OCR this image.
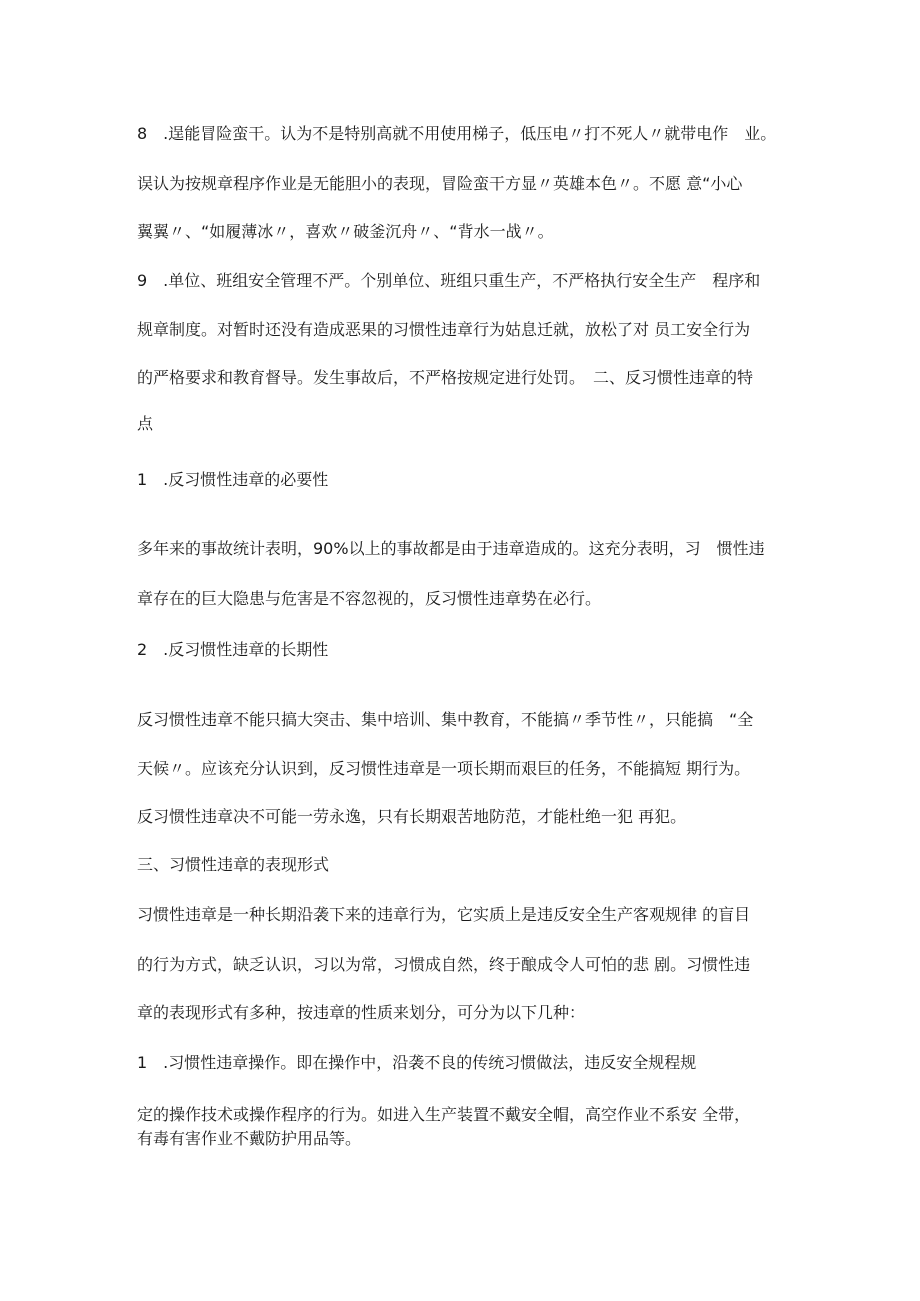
8　.逞能冒险蛮干。认为不是特别高就不用使用梯子，低压电〃打不死人〃就带电作　业。
误认为按规章程序作业是无能胆小的表现，冒险蛮干方显〃英雄本色〃。不愿 意“小心
翼翼〃、“如履薄冰〃，喜欢〃破釜沉舟〃、“背水一战〃。
9　.单位、班组安全管理不严。个别单位、班组只重生产，不严格执行安全生产　程序和
规章制度。对暂时还没有造成恶果的习惯性违章行为姑息迁就，放松了对 员工安全行为
的严格要求和教育督导。发生事故后，不严格按规定进行处罚。　二、反习惯性违章的特
点
1　.反习惯性违章的必要性
多年来的事故统计表明，90%以上的事故都是由于违章造成的。这充分表明，习　惯性违
章存在的巨大隐患与危害是不容忽视的，反习惯性违章势在必行。
2　.反习惯性违章的长期性
反习惯性违章不能只搞大突击、集中培训、集中教育，不能搞〃季节性〃，只能搞　“全
天候〃。应该充分认识到，反习惯性违章是一项长期而艰巨的任务，不能搞短 期行为。
反习惯性违章决不可能一劳永逸，只有长期艰苦地防范，才能杜绝一犯 再犯。
三、习惯性违章的表现形式
习惯性违章是一种长期沿袭下来的违章行为，它实质上是违反安全生产客观规律 的盲目
的行为方式，缺乏认识，习以为常，习惯成自然，终于酿成令人可怕的悲 剧。习惯性违
章的表现形式有多种，按违章的性质来划分，可分为以下几种：
1　.习惯性违章操作。即在操作中，沿袭不良的传统习惯做法，违反安全规程规
定的操作技术或操作程序的行为。如进入生产装置不戴安全帽，高空作业不系安 全带，
有毒有害作业不戴防护用品等。
